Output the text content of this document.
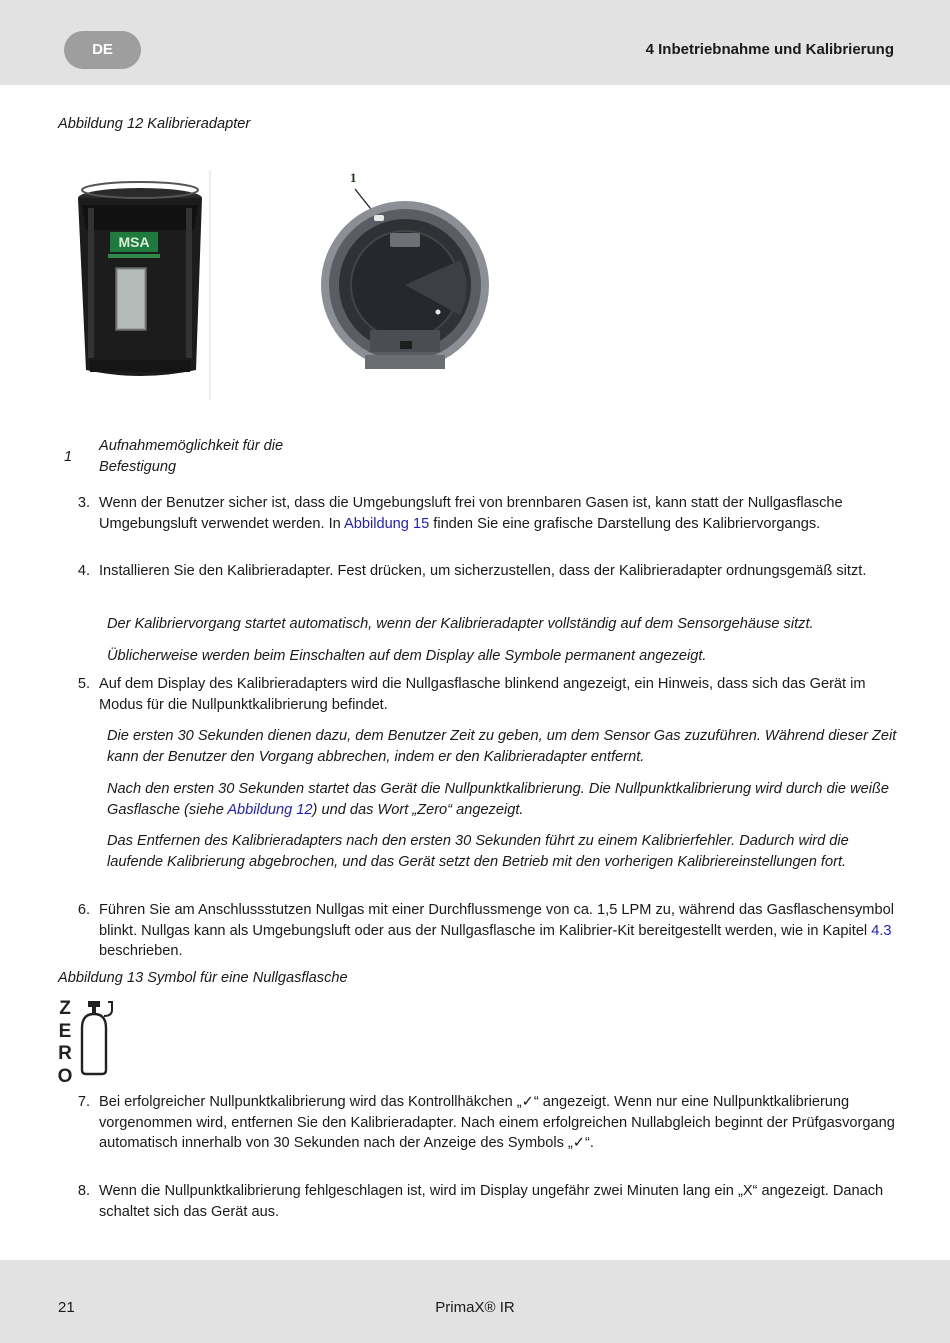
DE	4 Inbetriebnahme und Kalibrierung
Abbildung 12 Kalibrieradapter
MSA
1
1
Aufnahmemöglichkeit für die Befestigung
3. Wenn der Benutzer sicher ist, dass die Umgebungsluft frei von brennbaren Gasen ist, kann statt der Nullgasflasche Umgebungsluft verwendet werden. In Abbildung 15 finden Sie eine grafische Darstellung des Kalibriervorgangs.
4. Installieren Sie den Kalibrieradapter. Fest drücken, um sicherzustellen, dass der Kalibrieradapter ordnungsgemäß sitzt.
Der Kalibriervorgang startet automatisch, wenn der Kalibrieradapter vollständig auf dem Sensorgehäuse sitzt.
Üblicherweise werden beim Einschalten auf dem Display alle Symbole permanent angezeigt.
5. Auf dem Display des Kalibrieradapters wird die Nullgasflasche blinkend angezeigt, ein Hinweis, dass sich das Gerät im Modus für die Nullpunktkalibrierung befindet.
Die ersten 30 Sekunden dienen dazu, dem Benutzer Zeit zu geben, um dem Sensor Gas zuzuführen. Während dieser Zeit kann der Benutzer den Vorgang abbrechen, indem er den Kalibrieradapter entfernt.
Nach den ersten 30 Sekunden startet das Gerät die Nullpunktkalibrierung. Die Nullpunktkalibrierung wird durch die weiße Gasflasche (siehe Abbildung 12) und das Wort „Zero“ angezeigt.
Das Entfernen des Kalibrieradapters nach den ersten 30 Sekunden führt zu einem Kalibrierfehler. Dadurch wird die laufende Kalibrierung abgebrochen, und das Gerät setzt den Betrieb mit den vorherigen Kalibriereinstellungen fort.
6. Führen Sie am Anschlussstutzen Nullgas mit einer Durchflussmenge von ca. 1,5 LPM zu, während das Gasflaschensymbol blinkt. Nullgas kann als Umgebungsluft oder aus der Nullgasflasche im Kalibrier-Kit bereitgestellt werden, wie in Kapitel 4.3 beschrieben.
Abbildung 13 Symbol für eine Nullgasflasche
Z
E
R
O
7. Bei erfolgreicher Nullpunktkalibrierung wird das Kontrollhäkchen „✓“ angezeigt. Wenn nur eine Nullpunktkalibrierung vorgenommen wird, entfernen Sie den Kalibrieradapter. Nach einem erfolgreichen Nullabgleich beginnt der Prüfgasvorgang automatisch innerhalb von 30 Sekunden nach der Anzeige des Symbols „✓“.
8. Wenn die Nullpunktkalibrierung fehlgeschlagen ist, wird im Display ungefähr zwei Minuten lang ein „X“ angezeigt. Danach schaltet sich das Gerät aus.
21	PrimaX® IR
